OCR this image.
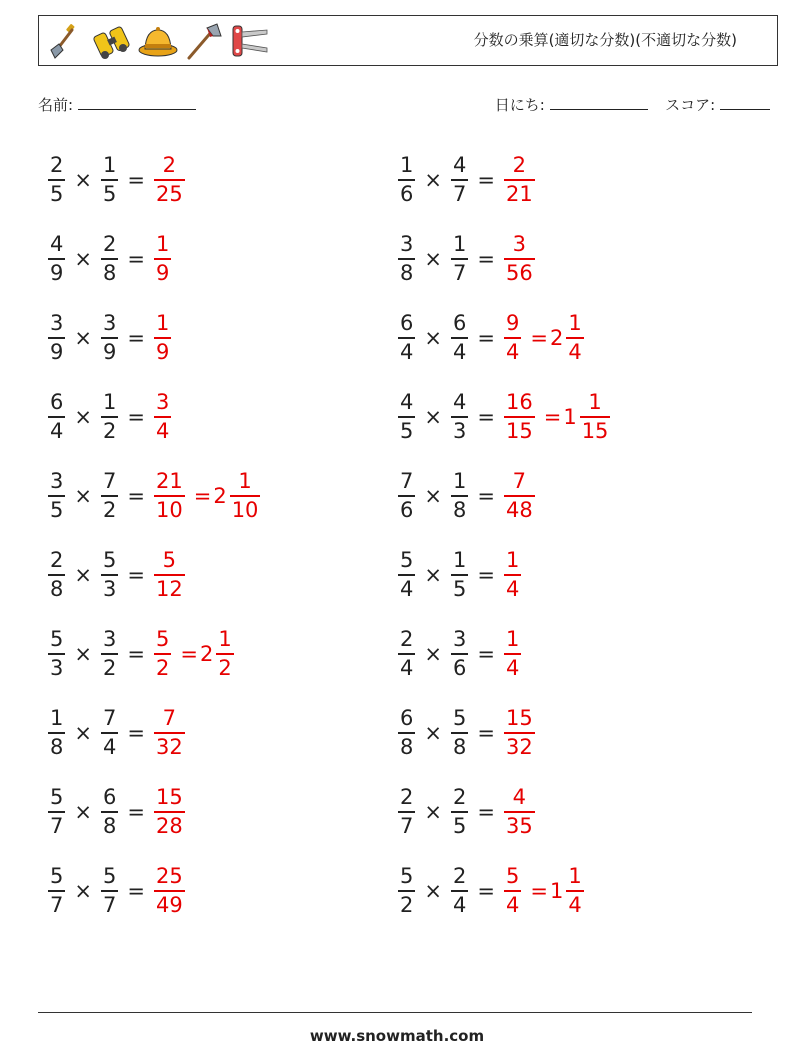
分数の乗算(適切な分数)(不適切な分数)
名前:	日にち:	スコア:
$\frac{2}{5} \times \frac{1}{5} = \frac{2}{25}$
$\frac{4}{9} \times \frac{2}{8} = \frac{1}{9}$
$\frac{3}{9} \times \frac{3}{9} = \frac{1}{9}$
$\frac{6}{4} \times \frac{1}{2} = \frac{3}{4}$
$\frac{3}{5} \times \frac{7}{2} = \frac{21}{10} = 2 \frac{1}{10}$
$\frac{2}{8} \times \frac{5}{3} = \frac{5}{12}$
$\frac{5}{3} \times \frac{3}{2} = \frac{5}{2} = 2 \frac{1}{2}$
$\frac{1}{8} \times \frac{7}{4} = \frac{7}{32}$
$\frac{5}{7} \times \frac{6}{8} = \frac{15}{28}$
$\frac{5}{7} \times \frac{5}{7} = \frac{25}{49}$
$\frac{1}{6} \times \frac{4}{7} = \frac{2}{21}$
$\frac{3}{8} \times \frac{1}{7} = \frac{3}{56}$
$\frac{6}{4} \times \frac{6}{4} = \frac{9}{4} = 2 \frac{1}{4}$
$\frac{4}{5} \times \frac{4}{3} = \frac{16}{15} = 1 \frac{1}{15}$
$\frac{7}{6} \times \frac{1}{8} = \frac{7}{48}$
$\frac{5}{4} \times \frac{1}{5} = \frac{1}{4}$
$\frac{2}{4} \times \frac{3}{6} = \frac{1}{4}$
$\frac{6}{8} \times \frac{5}{8} = \frac{15}{32}$
$\frac{2}{7} \times \frac{2}{5} = \frac{4}{35}$
$\frac{5}{2} \times \frac{2}{4} = \frac{5}{4} = 1 \frac{1}{4}$
www.snowmath.com
